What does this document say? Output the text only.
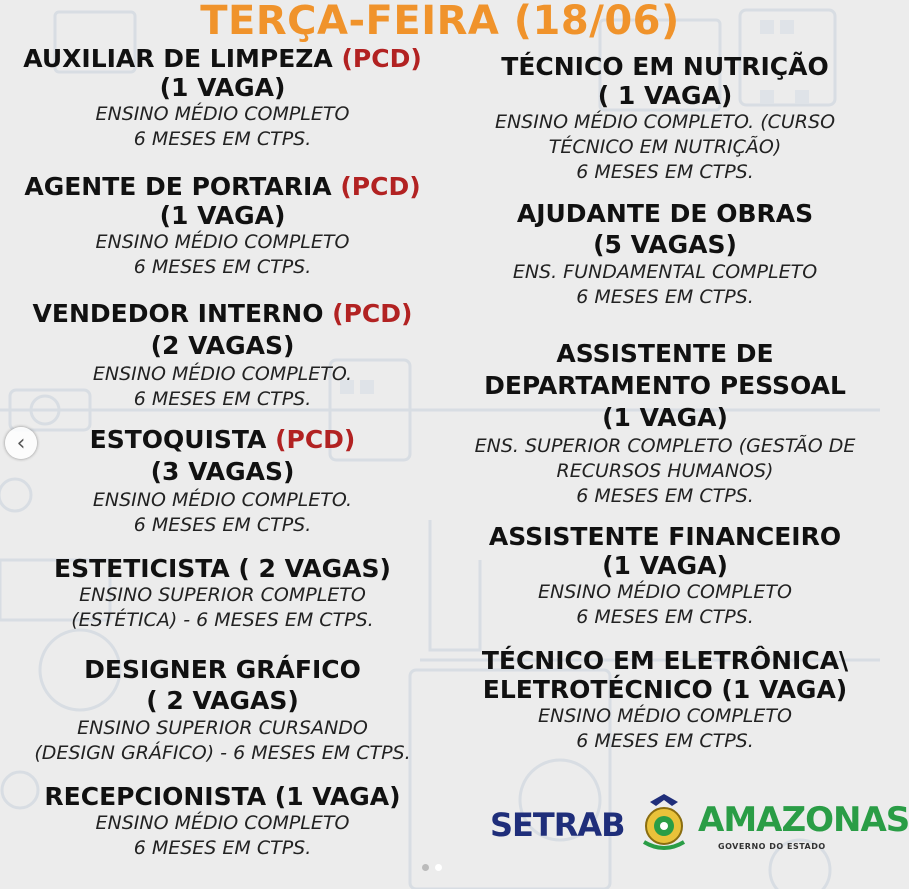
TERÇA-FEIRA (18/06)
AUXILIAR DE LIMPEZA (PCD)
(1 VAGA)
ENSINO MÉDIO COMPLETO
6 MESES EM CTPS.
AGENTE DE PORTARIA (PCD)
(1 VAGA)
ENSINO MÉDIO COMPLETO
6 MESES EM CTPS.
VENDEDOR INTERNO (PCD)
(2 VAGAS)
ENSINO MÉDIO COMPLETO.
6 MESES EM CTPS.
ESTOQUISTA (PCD)
(3 VAGAS)
ENSINO MÉDIO COMPLETO.
6 MESES EM CTPS.
ESTETICISTA ( 2 VAGAS)
ENSINO SUPERIOR COMPLETO
(ESTÉTICA) - 6 MESES EM CTPS.
DESIGNER GRÁFICO
( 2 VAGAS)
ENSINO SUPERIOR CURSANDO
(DESIGN GRÁFICO) - 6 MESES EM CTPS.
RECEPCIONISTA (1 VAGA)
ENSINO MÉDIO COMPLETO
6 MESES EM CTPS.
TÉCNICO EM NUTRIÇÃO
( 1 VAGA)
ENSINO MÉDIO COMPLETO. (CURSO
TÉCNICO EM NUTRIÇÃO)
6 MESES EM CTPS.
AJUDANTE DE OBRAS
(5 VAGAS)
ENS. FUNDAMENTAL COMPLETO
6 MESES EM CTPS.
ASSISTENTE DE
DEPARTAMENTO PESSOAL
(1 VAGA)
ENS. SUPERIOR COMPLETO (GESTÃO DE
RECURSOS HUMANOS)
6 MESES EM CTPS.
ASSISTENTE FINANCEIRO
(1 VAGA)
ENSINO MÉDIO COMPLETO
6 MESES EM CTPS.
TÉCNICO EM ELETRÔNICA\
ELETROTÉCNICO (1 VAGA)
ENSINO MÉDIO COMPLETO
6 MESES EM CTPS.
SETRAB AMAZONAS
GOVERNO DO ESTADO
‹
